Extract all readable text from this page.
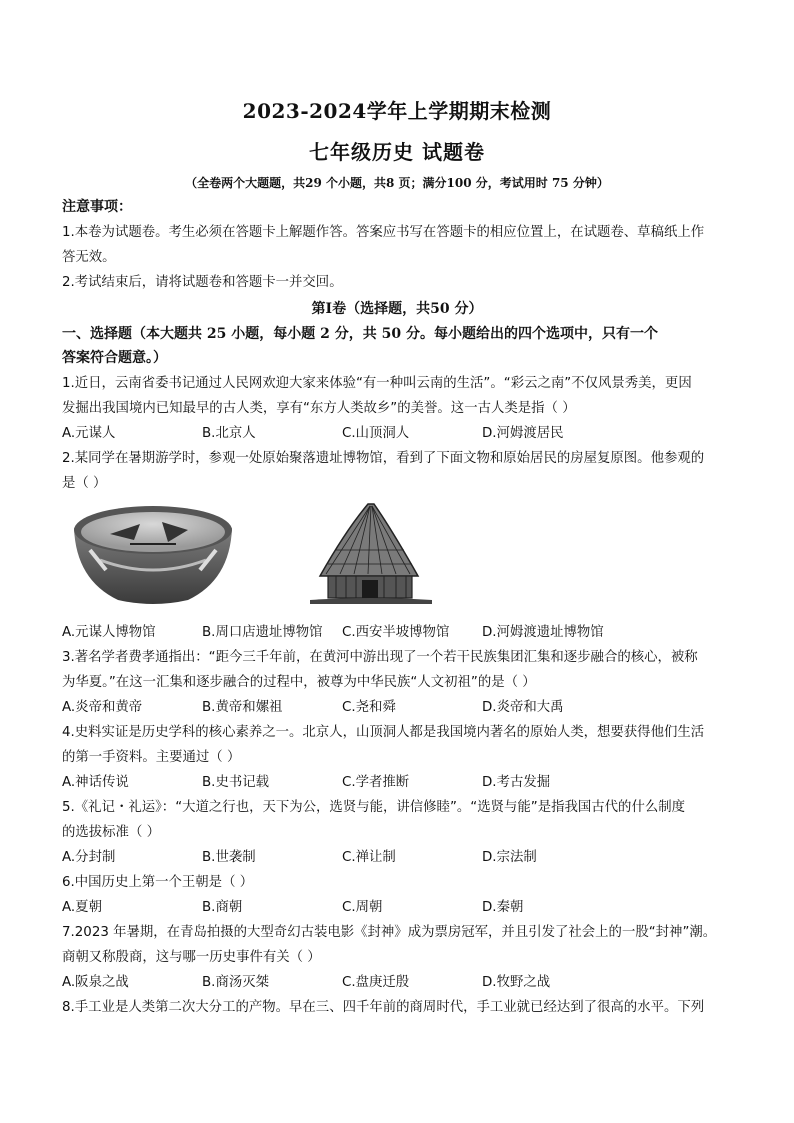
2023-2024学年上学期期末检测
七年级历史 试题卷
（全卷两个大题题，共29 个小题，共8 页；满分100 分，考试用时 75 分钟）
注意事项：
1.本卷为试题卷。考生必须在答题卡上解题作答。答案应书写在答题卡的相应位置上，在试题卷、草稿纸上作
答无效。
2.考试结束后，请将试题卷和答题卡一并交回。
第Ⅰ卷（选择题，共50 分）
一、选择题（本大题共 25 小题，每小题 2 分，共 50 分。每小题给出的四个选项中，只有一个
答案符合题意。）
1.近日，云南省委书记通过人民网欢迎大家来体验“有一种叫云南的生活”。“彩云之南”不仅风景秀美，更因
发掘出我国境内已知最早的古人类，享有“东方人类故乡”的美誉。这一古人类是指（ ）
A.元谋人	B.北京人	C.山顶洞人	D.河姆渡居民
2.某同学在暑期游学时，参观一处原始聚落遗址博物馆，看到了下面文物和原始居民的房屋复原图。他参观的
是（ ）
A.元谋人博物馆	B.周口店遗址博物馆 C.西安半坡博物馆 D.河姆渡遗址博物馆
3.著名学者费孝通指出：“距今三千年前，在黄河中游出现了一个若干民族集团汇集和逐步融合的核心，被称
为华夏。”在这一汇集和逐步融合的过程中，被尊为中华民族“人文初祖”的是（ ）
A.炎帝和黄帝	B.黄帝和嫘祖	C.尧和舜	D.炎帝和大禹
4.史料实证是历史学科的核心素养之一。北京人，山顶洞人都是我国境内著名的原始人类，想要获得他们生活
的第一手资料。主要通过（ ）
A.神话传说	B.史书记载	C.学者推断	D.考古发掘
5.《礼记・礼运》：“大道之行也，天下为公，选贤与能，讲信修睦”。“选贤与能”是指我国古代的什么制度
的选拔标准（ ）
A.分封制	B.世袭制	C.禅让制	D.宗法制
6.中国历史上第一个王朝是（ ）
A.夏朝	B.商朝	C.周朝	D.秦朝
7.2023 年暑期，在青岛拍摄的大型奇幻古装电影《封神》成为票房冠军，并且引发了社会上的一股“封神”潮。
商朝又称殷商，这与哪一历史事件有关（ ）
A.阪泉之战	B.商汤灭桀	C.盘庚迁殷	D.牧野之战
8.手工业是人类第二次大分工的产物。早在三、四千年前的商周时代，手工业就已经达到了很高的水平。下列
